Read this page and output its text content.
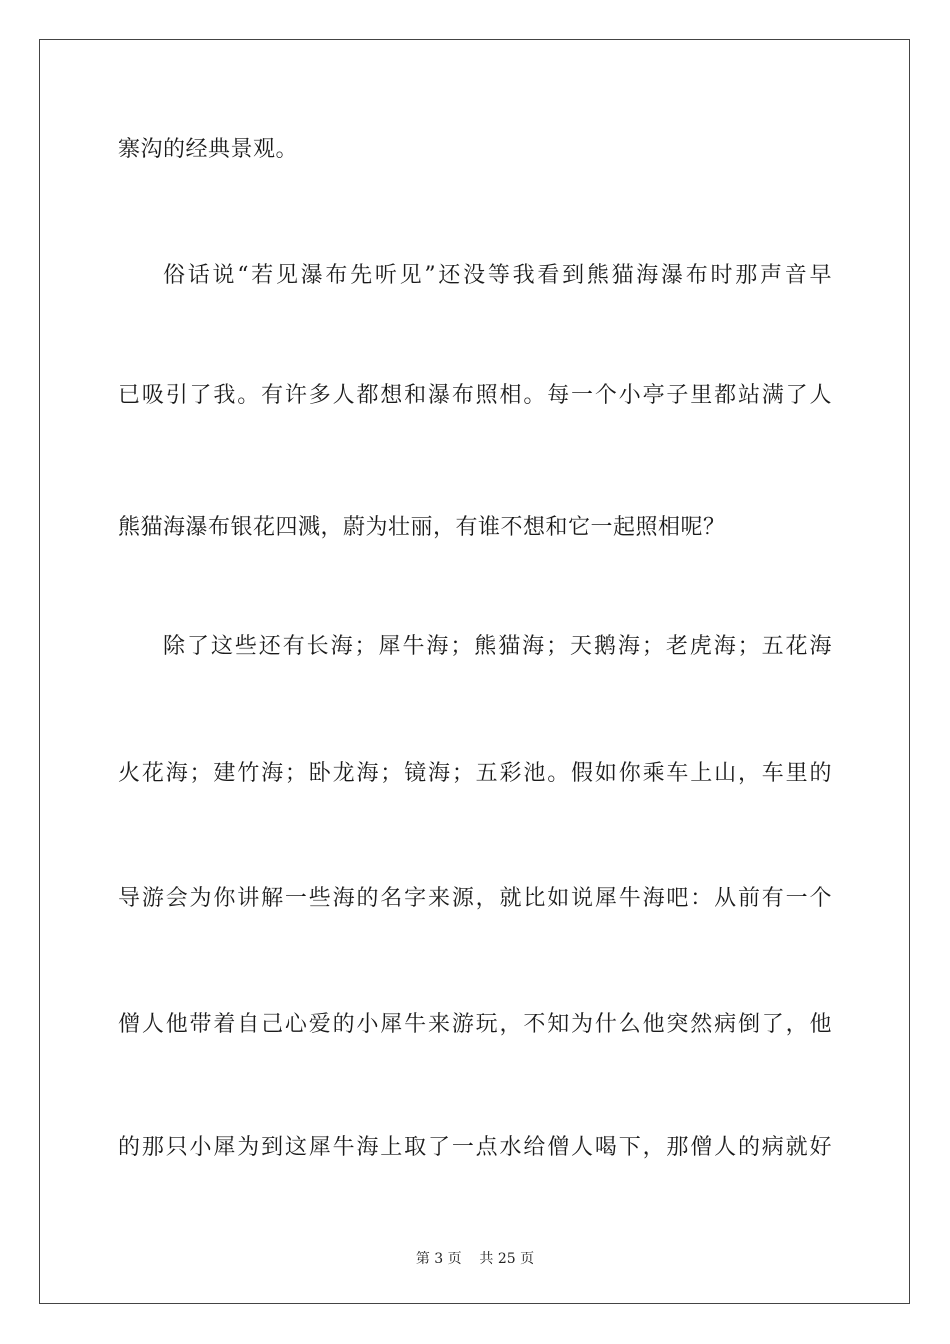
寨沟的经典景观。
俗话说“若见瀑布先听见”还没等我看到熊猫海瀑布时那声音早
已吸引了我。有许多人都想和瀑布照相。每一个小亭子里都站满了人
熊猫海瀑布银花四溅，蔚为壮丽，有谁不想和它一起照相呢？
除了这些还有长海；犀牛海；熊猫海；天鹅海；老虎海；五花海
火花海；建竹海；卧龙海；镜海；五彩池。假如你乘车上山，车里的
导游会为你讲解一些海的名字来源，就比如说犀牛海吧：从前有一个
僧人他带着自己心爱的小犀牛来游玩，不知为什么他突然病倒了，他
的那只小犀为到这犀牛海上取了一点水给僧人喝下，那僧人的病就好
第 3 页    共 25 页
